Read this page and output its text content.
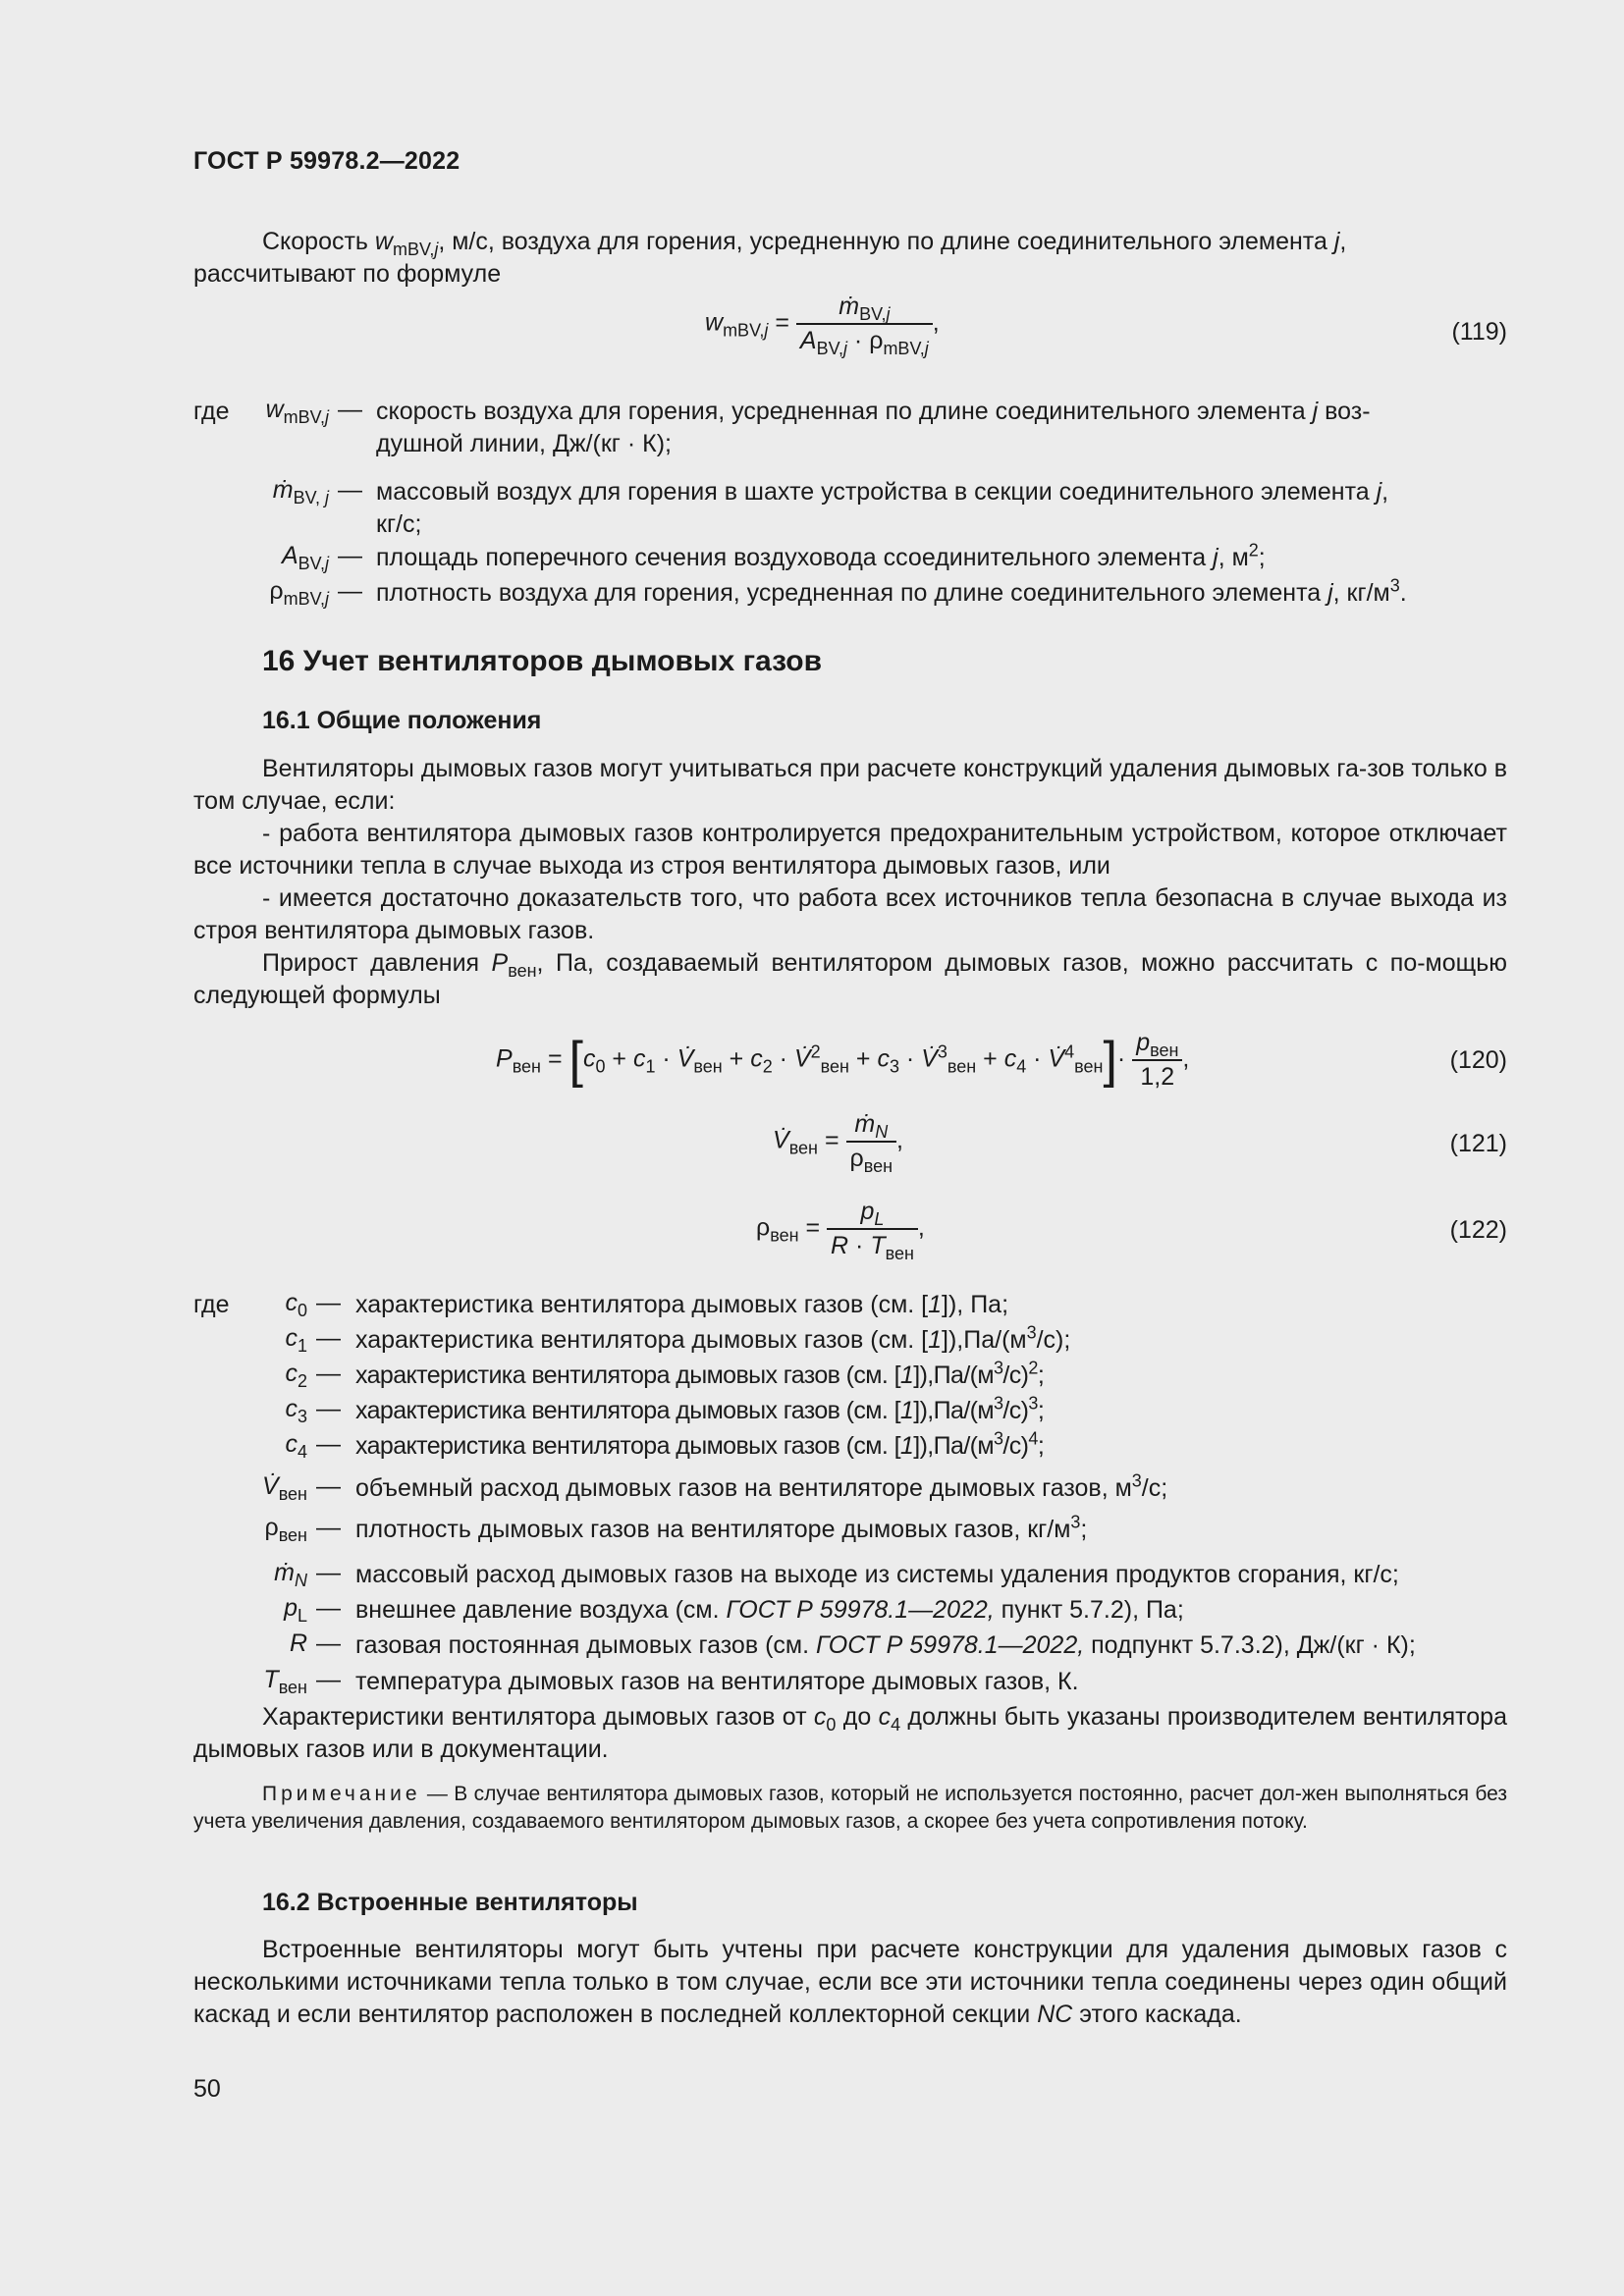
ГОСТ Р 59978.2—2022
Скорость $w_{mBV,j}$, м/с, воздуха для горения, усредненную по длине соединительного элемента j,
рассчитывают по формуле
$w_{mBV,j} = \frac{ṁ_{BV,j}}{A_{BV,j} \cdot \rho_{mBV,j}}$ ,	(119)
где	$w_{mBV,j}$ — скорость воздуха для горения, усредненная по длине соединительного элемента j воз-
душной линии, Дж/(кг · К);
ṁ$_{BV, j}$ — массовый воздух для горения в шахте устройства в секции соединительного элемента j,
кг/с;
$A_{BV,j}$ — площадь поперечного сечения воздуховода ссоединительного элемента j, $м^2$;
$\rho_{mBV,j}$ — плотность воздуха для горения, усредненная по длине соединительного элемента j, $кг/м^3$.
16 Учет вентиляторов дымовых газов
16.1 Общие положения
Вентиляторы дымовых газов могут учитываться при расчете конструкций удаления дымовых га-зов только в том случае, если:
- работа вентилятора дымовых газов контролируется предохранительным устройством, которое отключает все источники тепла в случае выхода из строя вентилятора дымовых газов, или
- имеется достаточно доказательств того, что работа всех источников тепла безопасна в случае выхода из строя вентилятора дымовых газов.
Прирост давления $P_{вен}$, Па, создаваемый вентилятором дымовых газов, можно рассчитать с по-мощью следующей формулы
$P_{вен} = [c_0 + c_1$ · $V̇_{вен} + c_2$ · V̇$^2_{вен}$ + $c_3$ · V̇$^3_{вен}$ + $c_4$ · V̇$^4_{вен}$]· $\frac{p_{вен}}{1,2}$ ,	(120)
$V̇_{вен} = \frac{ṁ_N}{\rho_{вен}}$ ,	(121)
$\rho_{вен} = \frac{p_L}{R \cdot T_{вен}}$ ,	(122)
где	$c_0$ — характеристика вентилятора дымовых газов (см. [1]), Па;
$c_1$ — характеристика вентилятора дымовых газов (см. $[1]),Па/(м^3/с)$;
$c_2$ — характеристика вентилятора дымовых газов (см. $[1]),Па/(м^3/с)^2$;
$c_3$ — характеристика вентилятора дымовых газов (см. $[1]),Па/(м^3/с)^3$;
$c_4$ — характеристика вентилятора дымовых газов (см. $[1]),Па/(м^3/с)^4$;
$V̇_{вен}$ — объемный расход дымовых газов на вентиляторе дымовых газов, $м^3/с$;
$\rho_{вен}$ — плотность дымовых газов на вентиляторе дымовых газов, $кг/м^3$;
ṁ$_N$ — массовый расход дымовых газов на выходе из системы удаления продуктов сгорания, кг/с;
$p_L$ — внешнее давление воздуха (см. ГОСТ Р 59978.1—2022, пункт 5.7.2), Па;
R — газовая постоянная дымовых газов (см. ГОСТ Р 59978.1—2022, подпункт 5.7.3.2), Дж/(кг · К);
$T_{вен}$ — температура дымовых газов на вентиляторе дымовых газов, К.
Характеристики вентилятора дымовых газов от $c_0$ до $c_4$ должны быть указаны производителем вентилятора дымовых газов или в документации.
Примечание — В случае вентилятора дымовых газов, который не используется постоянно, расчет дол-жен выполняться без учета увеличения давления, создаваемого вентилятором дымовых газов, а скорее без учета сопротивления потоку.
16.2 Встроенные вентиляторы
Встроенные вентиляторы могут быть учтены при расчете конструкции для удаления дымовых газов с несколькими источниками тепла только в том случае, если все эти источники тепла соединены через один общий каскад и если вентилятор расположен в последней коллекторной секции NC этого каскада.
50
